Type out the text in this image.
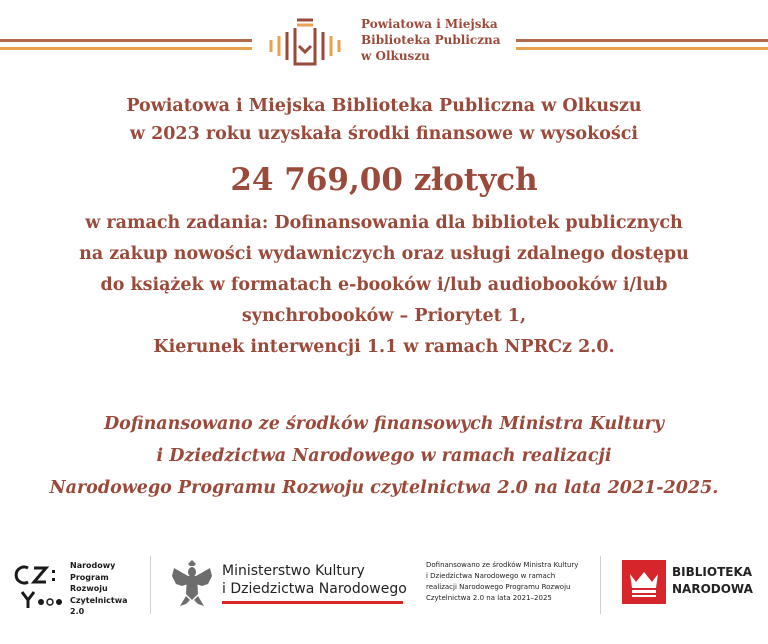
Powiatowa i Miejska
Biblioteka Publiczna
w Olkuszu
Powiatowa i Miejska Biblioteka Publiczna w Olkuszu
w 2023 roku uzyskała środki finansowe w wysokości
24 769,00 złotych
w ramach zadania: Dofinansowania dla bibliotek publicznych
na zakup nowości wydawniczych oraz usługi zdalnego dostępu
do książek w formatach e-booków i/lub audiobooków i/lub
synchrobooków – Priorytet 1,
Kierunek interwencji 1.1 w ramach NPRCz 2.0.
Dofinansowano ze środków finansowych Ministra Kultury
i Dziedzictwa Narodowego w ramach realizacji
Narodowego Programu Rozwoju czytelnictwa 2.0 na lata 2021-2025.
Narodowy
Program
Rozwoju
Czytelnictwa
2.0
Ministerstwo Kultury
i Dziedzictwa Narodowego
Dofinansowano ze środków Ministra Kultury
i Dziedzictwa Narodowego w ramach
realizacji Narodowego Programu Rozwoju
Czytelnictwa 2.0 na lata 2021–2025
BIBLIOTEKA
NARODOWA
